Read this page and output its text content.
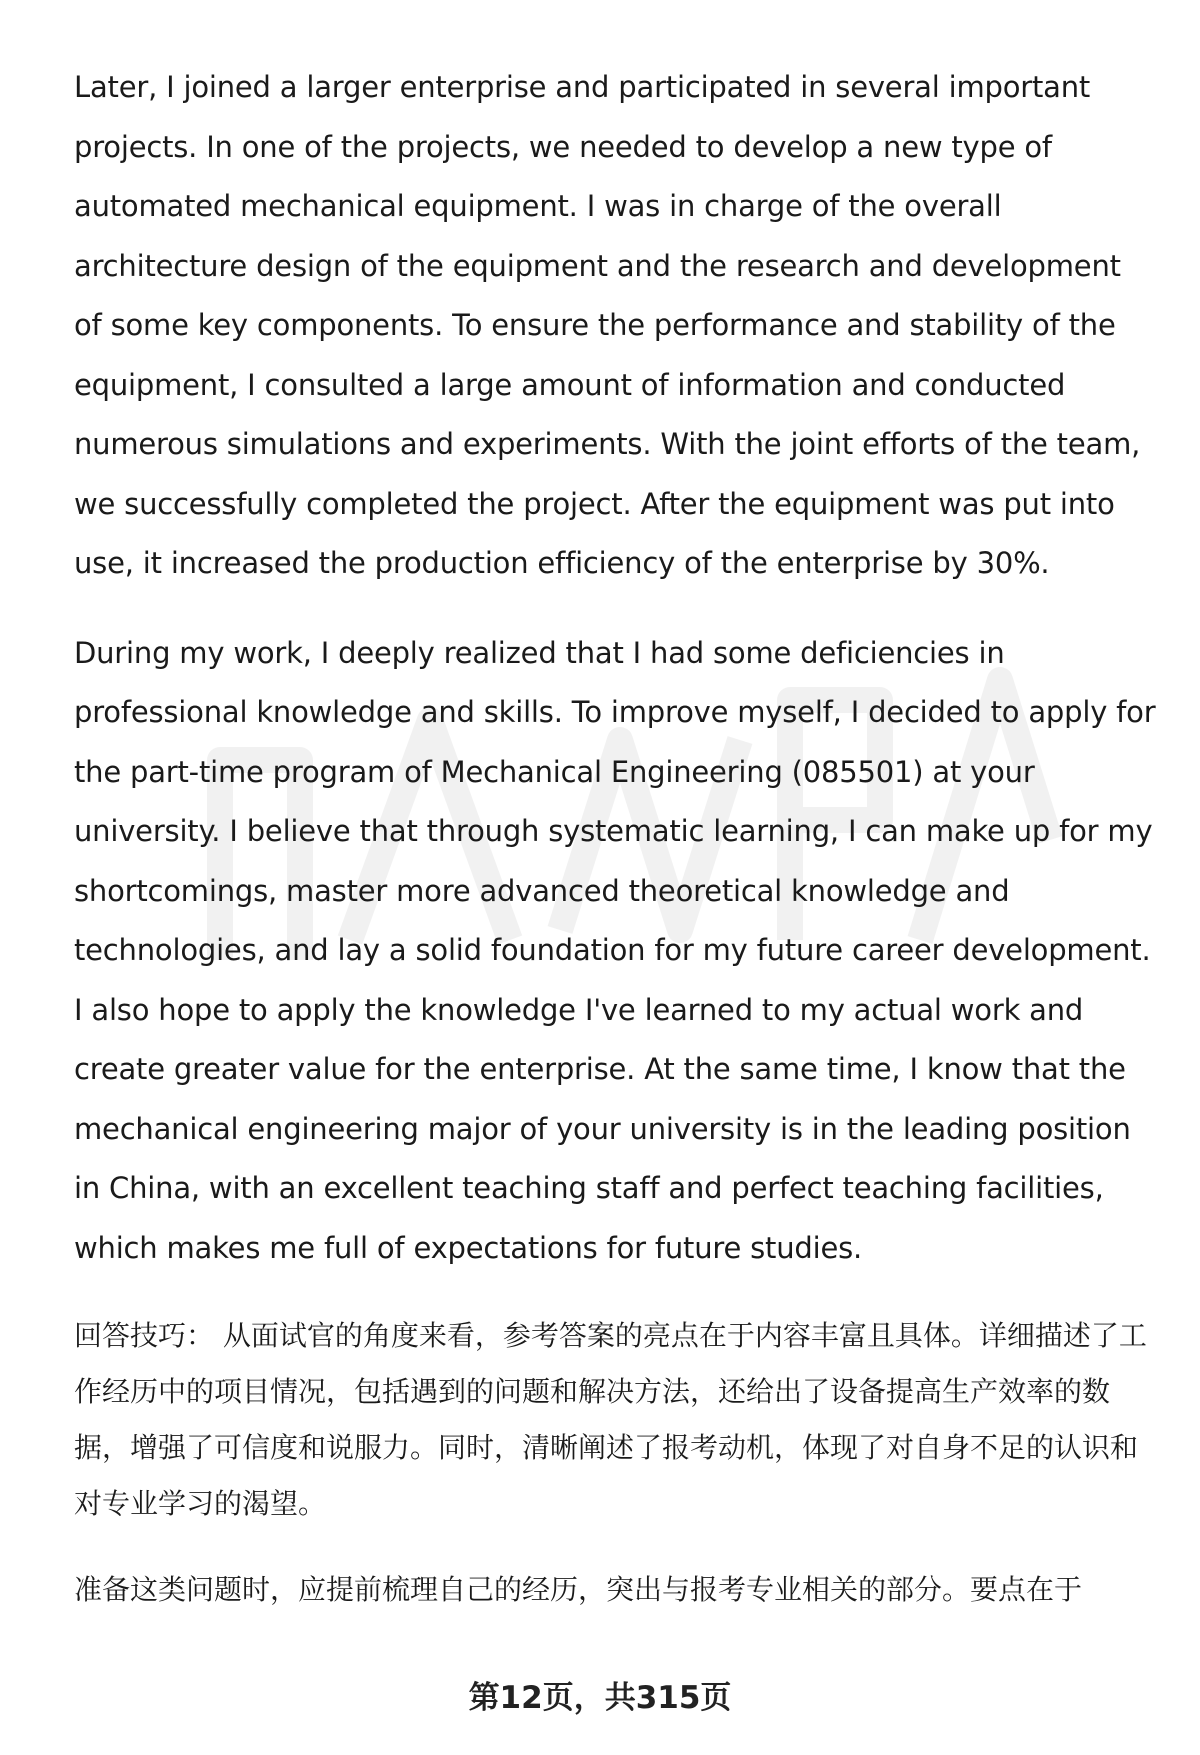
Later, I joined a larger enterprise and participated in several important projects. In one of the projects, we needed to develop a new type of automated mechanical equipment. I was in charge of the overall architecture design of the equipment and the research and development of some key components. To ensure the performance and stability of the equipment, I consulted a large amount of information and conducted numerous simulations and experiments. With the joint efforts of the team, we successfully completed the project. After the equipment was put into use, it increased the production efficiency of the enterprise by 30%.

During my work, I deeply realized that I had some deficiencies in professional knowledge and skills. To improve myself, I decided to apply for the part-time program of Mechanical Engineering (085501) at your university. I believe that through systematic learning, I can make up for my shortcomings, master more advanced theoretical knowledge and technologies, and lay a solid foundation for my future career development. I also hope to apply the knowledge I've learned to my actual work and create greater value for the enterprise. At the same time, I know that the mechanical engineering major of your university is in the leading position in China, with an excellent teaching staff and perfect teaching facilities, which makes me full of expectations for future studies.

回答技巧： 从面试官的角度来看，参考答案的亮点在于内容丰富且具体。详细描述了工作经历中的项目情况，包括遇到的问题和解决方法，还给出了设备提高生产效率的数据，增强了可信度和说服力。同时，清晰阐述了报考动机，体现了对自身不足的认识和对专业学习的渴望。

准备这类问题时，应提前梳理自己的经历，突出与报考专业相关的部分。要点在于

第12页，共315页
